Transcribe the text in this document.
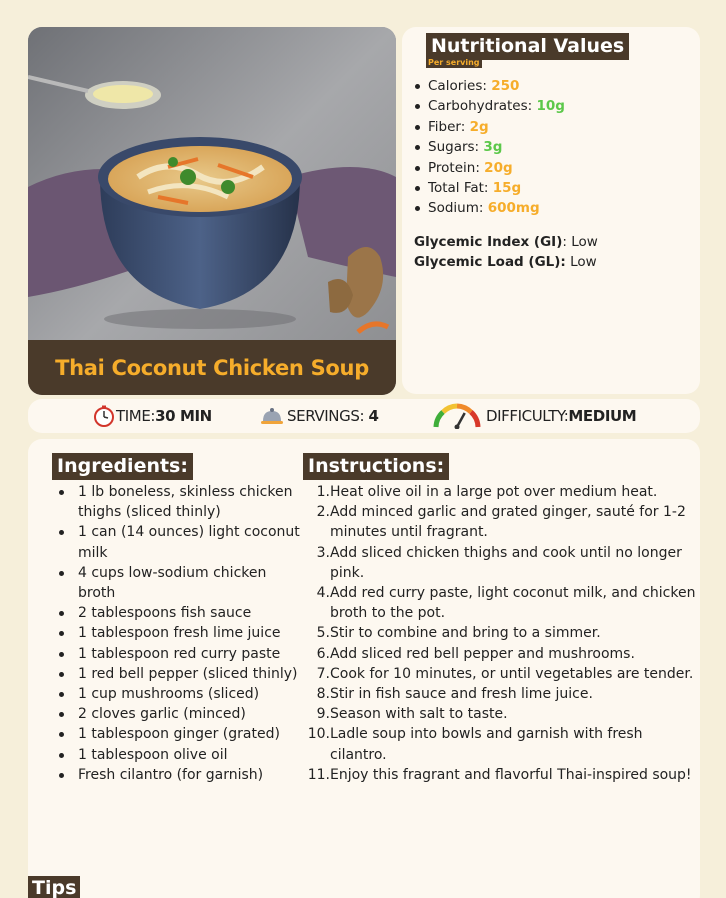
Thai Coconut Chicken Soup
Nutritional Values
Per serving
Calories: 250
Carbohydrates: 10g
Fiber: 2g
Sugars: 3g
Protein: 20g
Total Fat: 15g
Sodium: 600mg
Glycemic Index (GI): Low
Glycemic Load (GL): Low
TIME: 30 MIN	SERVINGS:
4	DIFFICULTY: MEDIUM
Ingredients:
1 lb boneless, skinless chicken thighs (sliced thinly)
1 can (14 ounces) light coconut milk
4 cups low-sodium chicken broth
2 tablespoons fish sauce
1 tablespoon fresh lime juice
1 tablespoon red curry paste
1 red bell pepper (sliced thinly)
1 cup mushrooms (sliced)
2 cloves garlic (minced)
1 tablespoon ginger (grated)
1 tablespoon olive oil
Fresh cilantro (for garnish)
Instructions:
1. Heat olive oil in a large pot over medium heat.
2. Add minced garlic and grated ginger, sauté for 1-2 minutes until fragrant.
3. Add sliced chicken thighs and cook until no longer pink.
4. Add red curry paste, light coconut milk, and chicken broth to the pot.
5. Stir to combine and bring to a simmer.
6. Add sliced red bell pepper and mushrooms.
7. Cook for 10 minutes, or until vegetables are tender.
8. Stir in fish sauce and fresh lime juice.
9. Season with salt to taste.
10. Ladle soup into bowls and garnish with fresh cilantro.
11. Enjoy this fragrant and flavorful Thai-inspired soup!
Tips
